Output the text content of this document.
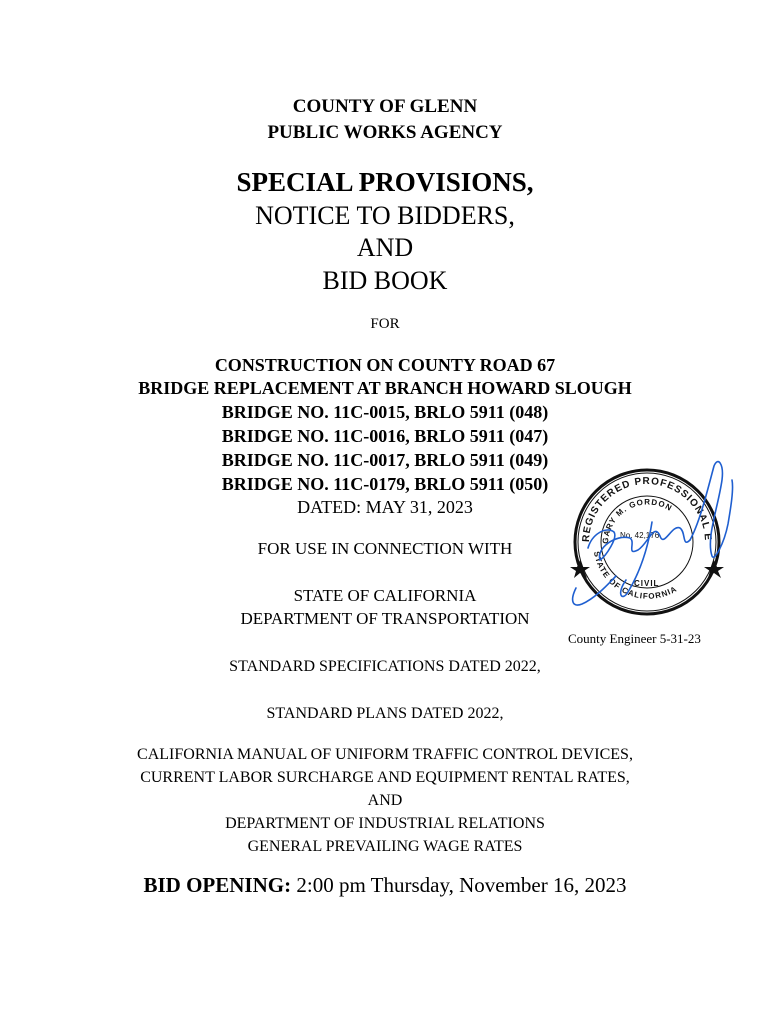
COUNTY OF GLENN
PUBLIC WORKS AGENCY
SPECIAL PROVISIONS,
NOTICE TO BIDDERS,
AND
BID BOOK
FOR
CONSTRUCTION ON COUNTY ROAD 67
BRIDGE REPLACEMENT AT BRANCH HOWARD SLOUGH
BRIDGE NO. 11C-0015, BRLO 5911 (048)
BRIDGE NO. 11C-0016, BRLO 5911 (047)
BRIDGE NO. 11C-0017, BRLO 5911 (049)
BRIDGE NO. 11C-0179, BRLO 5911 (050)
DATED: MAY 31, 2023
FOR USE IN CONNECTION WITH
STATE OF CALIFORNIA
DEPARTMENT OF TRANSPORTATION
REGISTERED PROFESSIONAL E
GARY M. GORDON
No. 42,176
CIVIL
STATE OF CALIFORNIA
County Engineer 5-31-23
STANDARD SPECIFICATIONS DATED 2022,
STANDARD PLANS DATED 2022,
CALIFORNIA MANUAL OF UNIFORM TRAFFIC CONTROL DEVICES,
CURRENT LABOR SURCHARGE AND EQUIPMENT RENTAL RATES,
AND
DEPARTMENT OF INDUSTRIAL RELATIONS
GENERAL PREVAILING WAGE RATES
BID OPENING: 2:00 pm Thursday, November 16, 2023
